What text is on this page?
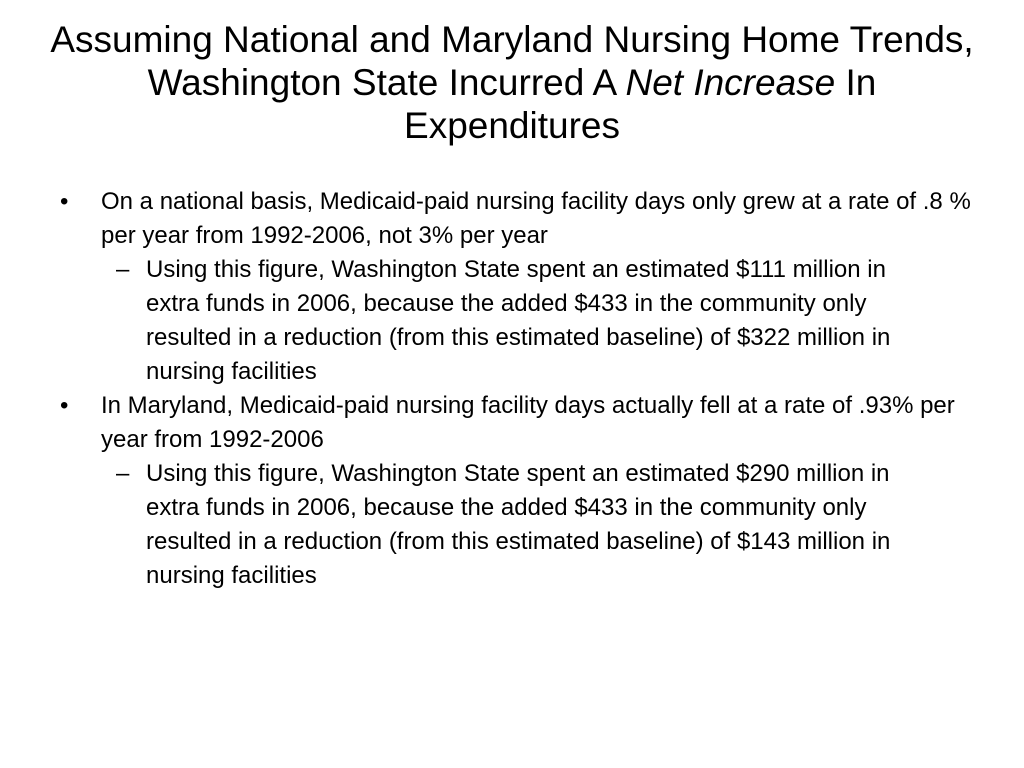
Assuming National and Maryland Nursing Home Trends, Washington State Incurred A Net Increase In Expenditures

• On a national basis, Medicaid-paid nursing facility days only grew at a rate of .8 % per year from 1992-2006, not 3% per year

– Using this figure, Washington State spent an estimated $111 million in extra funds in 2006, because the added $433 in the community only resulted in a reduction (from this estimated baseline) of $322 million in nursing facilities

• In Maryland, Medicaid-paid nursing facility days actually fell at a rate of .93% per year from 1992-2006

– Using this figure, Washington State spent an estimated $290 million in extra funds in 2006, because the added $433 in the community only resulted in a reduction (from this estimated baseline) of $143 million in nursing facilities
